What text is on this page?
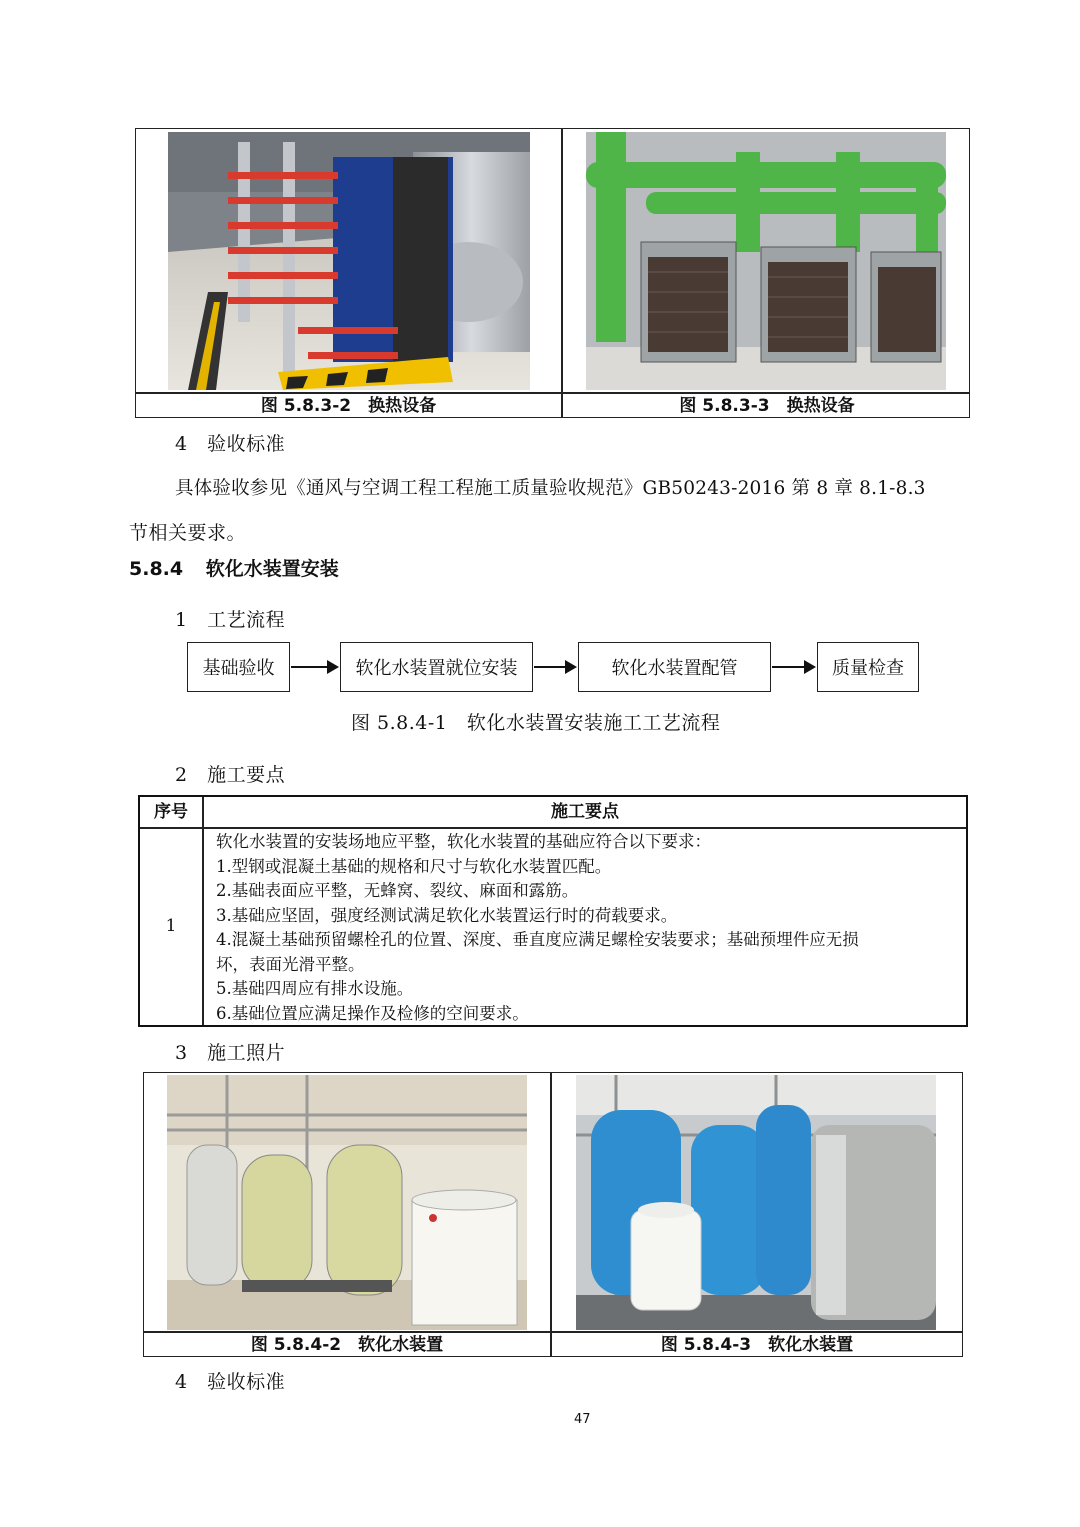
图 5.8.3-2　换热设备	图 5.8.3-3　换热设备
4　验收标准
具体验收参见《通风与空调工程工程施工质量验收规范》GB50243-2016 第 8 章 8.1-8.3
节相关要求。
5.8.4 软化水装置安装
1　工艺流程
基础验收	软化水装置就位安装	软化水装置配管	质量检查
图 5.8.4-1　软化水装置安装施工工艺流程
2　施工要点
序号	施工要点
1
软化水装置的安装场地应平整，软化水装置的基础应符合以下要求：
1.型钢或混凝土基础的规格和尺寸与软化水装置匹配。
2.基础表面应平整，无蜂窝、裂纹、麻面和露筋。
3.基础应坚固，强度经测试满足软化水装置运行时的荷载要求。
4.混凝土基础预留螺栓孔的位置、深度、垂直度应满足螺栓安装要求；基础预埋件应无损
坏，表面光滑平整。
5.基础四周应有排水设施。
6.基础位置应满足操作及检修的空间要求。
3　施工照片
图 5.8.4-2　软化水装置	图 5.8.4-3　软化水装置
4　验收标准
47
